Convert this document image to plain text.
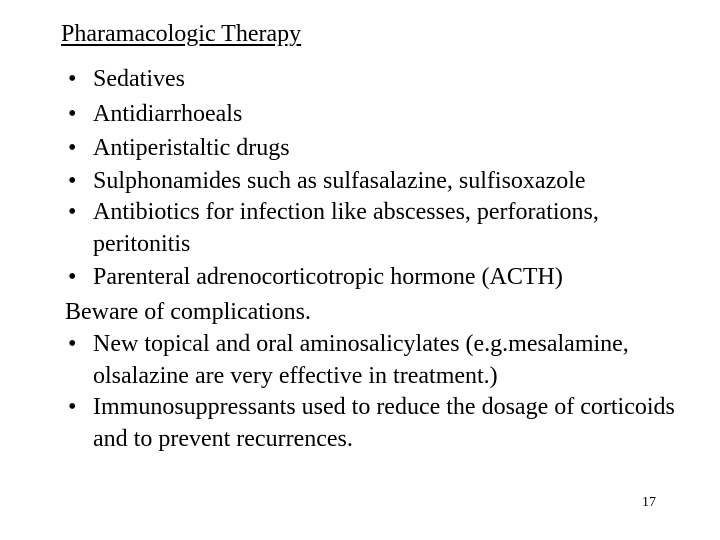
Pharamacologic Therapy
• Sedatives
• Antidiarrhoeals
• Antiperistaltic drugs
• Sulphonamides such as sulfasalazine, sulfisoxazole
• Antibiotics for infection like abscesses, perforations, peritonitis
• Parenteral adrenocorticotropic hormone (ACTH)
Beware of complications.
• New topical and oral aminosalicylates (e.g.mesalamine, olsalazine are very effective in treatment.)
• Immunosuppressants used to reduce the dosage of corticoids and to prevent recurrences.
17
